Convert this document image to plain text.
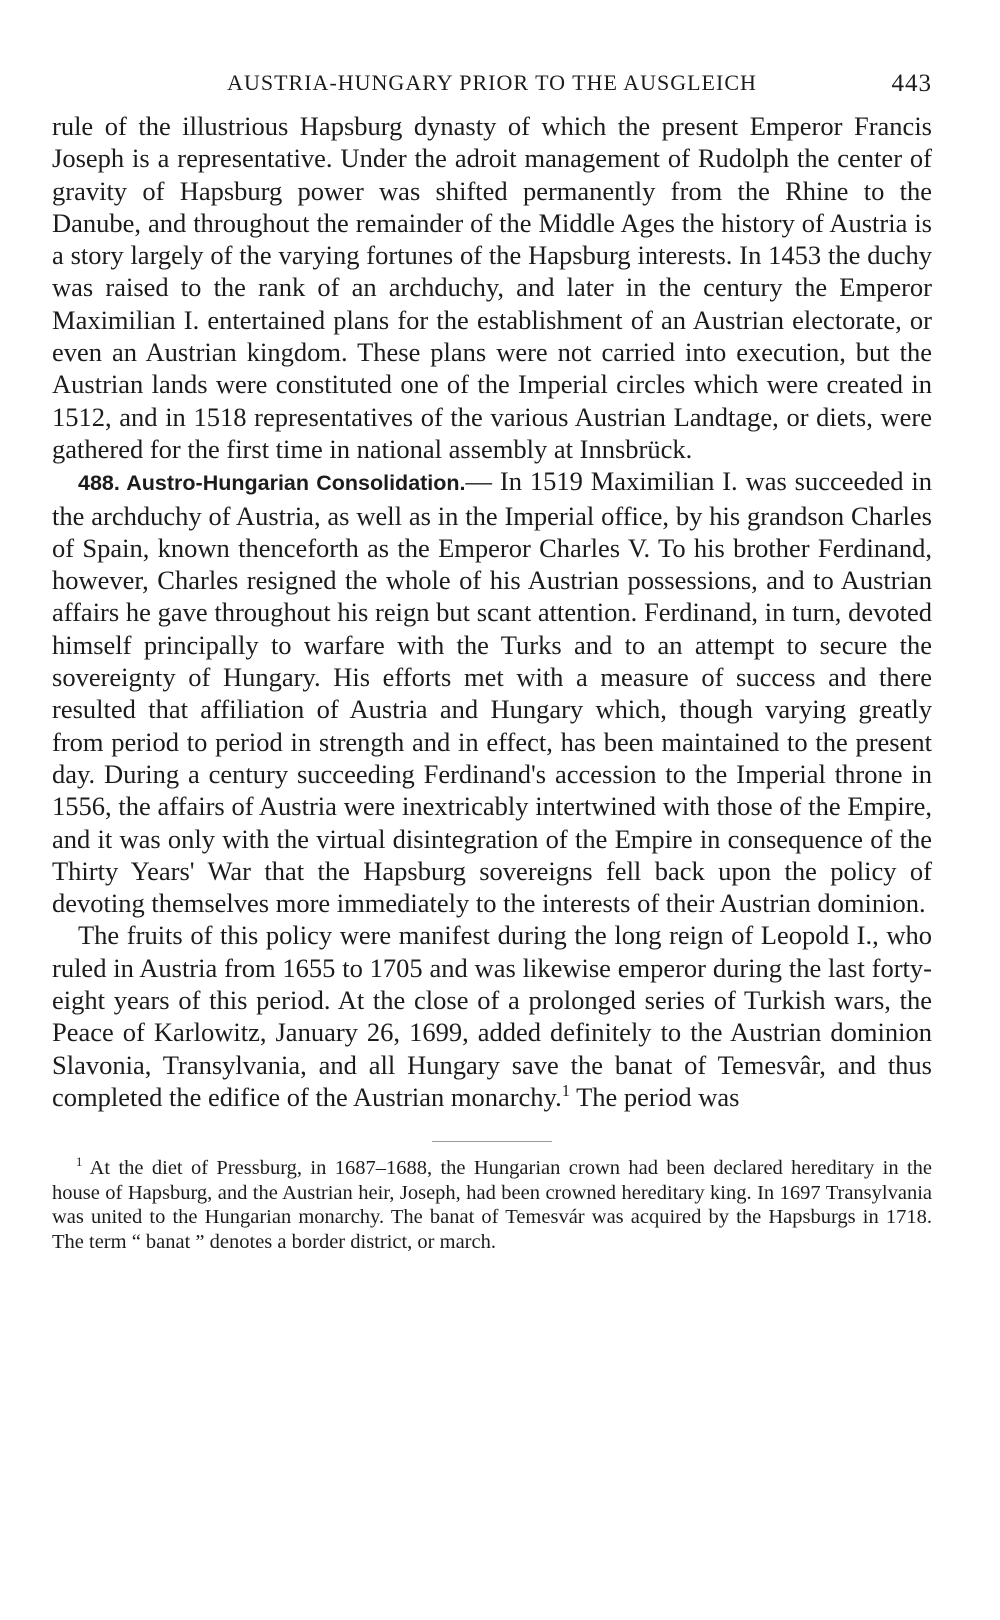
AUSTRIA-HUNGARY PRIOR TO THE AUSGLEICH	443

rule of the illustrious Hapsburg dynasty of which the present Emperor Francis Joseph is a representative. Under the adroit management of Rudolph the center of gravity of Hapsburg power was shifted permanently from the Rhine to the Danube, and throughout the remainder of the Middle Ages the history of Austria is a story largely of the varying fortunes of the Hapsburg interests. In 1453 the duchy was raised to the rank of an archduchy, and later in the century the Emperor Maximilian I. entertained plans for the establishment of an Austrian electorate, or even an Austrian kingdom. These plans were not carried into execution, but the Austrian lands were constituted one of the Imperial circles which were created in 1512, and in 1518 representatives of the various Austrian Landtage, or diets, were gathered for the first time in national assembly at Innsbrück.

488. Austro-Hungarian Consolidation.— In 1519 Maximilian I. was succeeded in the archduchy of Austria, as well as in the Imperial office, by his grandson Charles of Spain, known thenceforth as the Emperor Charles V. To his brother Ferdinand, however, Charles resigned the whole of his Austrian possessions, and to Austrian affairs he gave throughout his reign but scant attention. Ferdinand, in turn, devoted himself principally to warfare with the Turks and to an attempt to secure the sovereignty of Hungary. His efforts met with a measure of success and there resulted that affiliation of Austria and Hungary which, though varying greatly from period to period in strength and in effect, has been maintained to the present day. During a century succeeding Ferdinand's accession to the Imperial throne in 1556, the affairs of Austria were inextricably intertwined with those of the Empire, and it was only with the virtual disintegration of the Empire in consequence of the Thirty Years' War that the Hapsburg sovereigns fell back upon the policy of devoting themselves more immediately to the interests of their Austrian dominion.

The fruits of this policy were manifest during the long reign of Leopold I., who ruled in Austria from 1655 to 1705 and was likewise emperor during the last forty-eight years of this period. At the close of a prolonged series of Turkish wars, the Peace of Karlowitz, January 26, 1699, added definitely to the Austrian dominion Slavonia, Transylvania, and all Hungary save the banat of Temesvâr, and thus completed the edifice of the Austrian monarchy.$^1$ The period was

$^1$ At the diet of Pressburg, in 1687–1688, the Hungarian crown had been declared hereditary in the house of Hapsburg, and the Austrian heir, Joseph, had been crowned hereditary king. In 1697 Transylvania was united to the Hungarian monarchy. The banat of Temesvár was acquired by the Hapsburgs in 1718. The term “ banat ” denotes a border district, or march.
